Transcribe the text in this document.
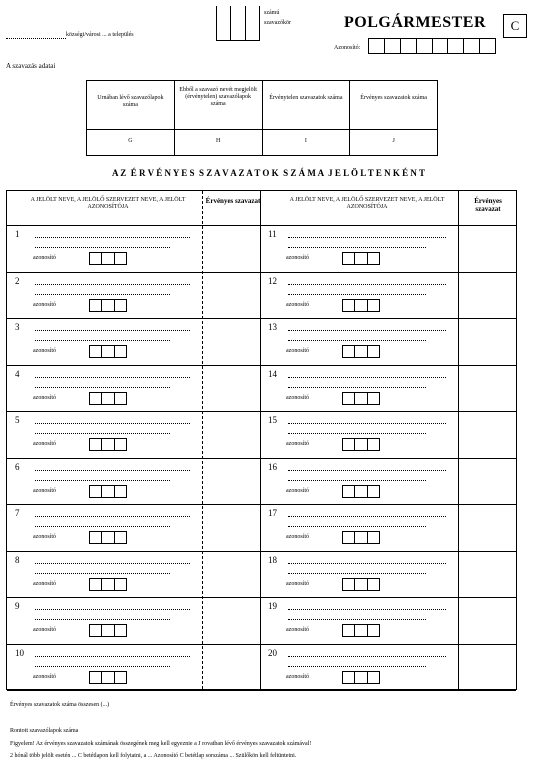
községi/városi ... a település
számú
szavazókör	POLGÁRMESTER C
Azonosító:
A szavazás adatai
Urnában lévő szavazólapok száma
G
Ebből a szavazó nevét megjelölt (érvénytelen) szavazólapok száma
H
Érvénytelen szavazatok száma
I
Érvényes szavazatok száma
J
A Z  É R V É N Y E S  S Z A V A Z A T O K  S Z Á M A  J E L Ö L T E N K É N T
A JELÖLT NEVE, A JELÖLŐ SZERVEZET NEVE, A JELÖLT AZONOSÍTÓJA
Érvényes szavazat	A JELÖLT NEVE, A JELÖLŐ SZERVEZET NEVE, A JELÖLT AZONOSÍTÓJA
Érvényes szavazat
1
azonosító
2
azonosító
3
azonosító
4
azonosító
5
azonosító
6
azonosító
7
azonosító
8
azonosító
9
azonosító
10
azonosító
11
azonosító
12
azonosító
13
azonosító
14
azonosító
15
azonosító
16
azonosító
17
azonosító
18
azonosító
19
azonosító
20
azonosító
Érvényes szavazatok száma összesen (...)
Rontott szavazólapok száma
Figyelem! Az érvényes szavazatok számának összegének meg kell egyeznie a J rovatban lévő érvényes szavazatok számával!
2 hónál több jelölt esetén ... C betétlapon kell folytatni, a ... Azonosító C betétlap sorszáma ... Szülőkön kell feltüntetni.
